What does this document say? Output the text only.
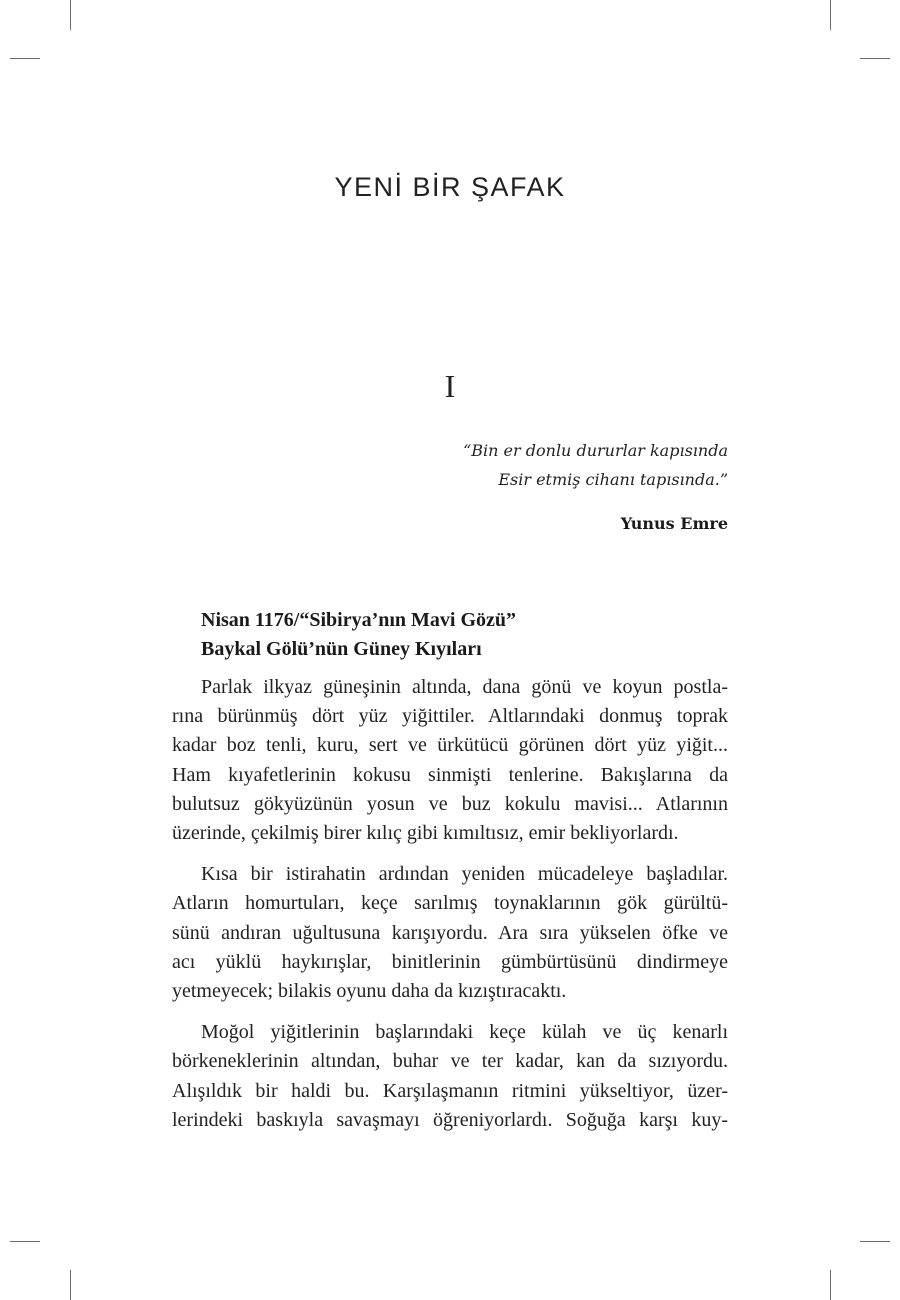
YENİ BİR ŞAFAK
I
“Bin er donlu dururlar kapısında
Esir etmiş cihanı tapısında.”
Yunus Emre
Nisan 1176/“Sibirya’nın Mavi Gözü”
Baykal Gölü’nün Güney Kıyıları

Parlak ilkyaz güneşinin altında, dana gönü ve koyun postla-
rına bürünmüş dört yüz yiğittiler. Altlarındaki donmuş toprak
kadar boz tenli, kuru, sert ve ürkütücü görünen dört yüz yiğit...
Ham kıyafetlerinin kokusu sinmişti tenlerine. Bakışlarına da
bulutsuz gökyüzünün yosun ve buz kokulu mavisi... Atlarının
üzerinde, çekilmiş birer kılıç gibi kımıltısız, emir bekliyorlardı.

Kısa bir istirahatin ardından yeniden mücadeleye başladılar.
Atların homurtuları, keçe sarılmış toynaklarının gök gürültü-
sünü andıran uğultusuna karışıyordu. Ara sıra yükselen öfke ve
acı yüklü haykırışlar, binitlerinin gümbürtüsünü dindirmeye
yetmeyecek; bilakis oyunu daha da kızıştıracaktı.

Moğol yiğitlerinin başlarındaki keçe külah ve üç kenarlı
börkeneklerinin altından, buhar ve ter kadar, kan da sızıyordu.
Alışıldık bir haldi bu. Karşılaşmanın ritmini yükseltiyor, üzer-
lerindeki baskıyla savaşmayı öğreniyorlardı. Soğuğa karşı kuy-
